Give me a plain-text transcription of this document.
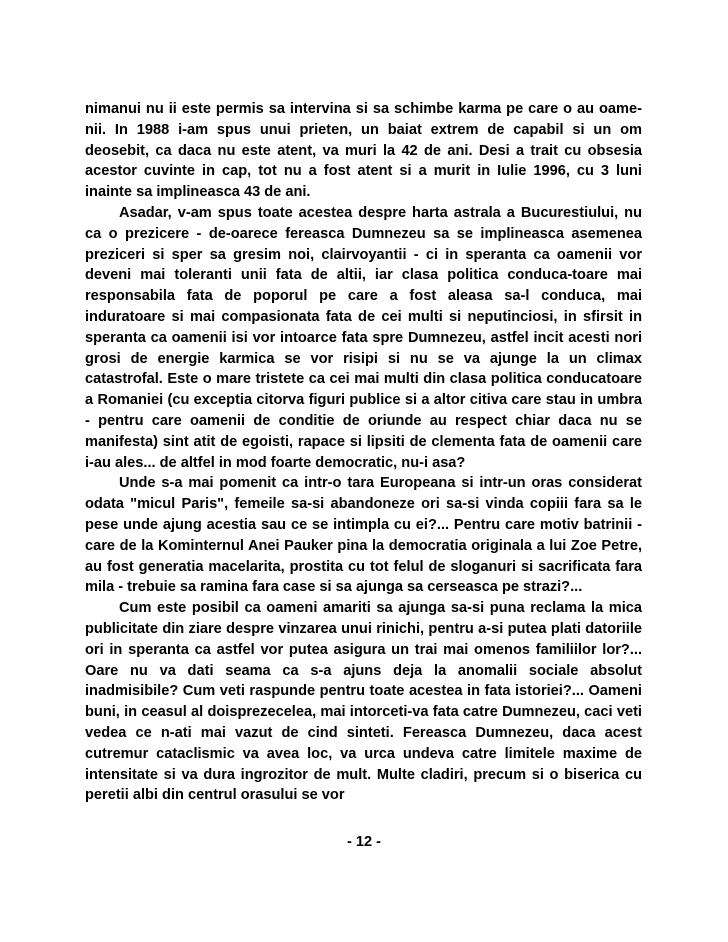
nimanui nu ii este permis sa intervina si sa schimbe karma pe care o au oame-nii. In 1988 i-am spus unui prieten, un baiat extrem de capabil si un om deosebit, ca daca nu este atent, va muri la 42 de ani. Desi a trait cu obsesia acestor cuvinte in cap, tot nu a fost atent si a murit in Iulie 1996, cu 3 luni inainte sa implineasca 43 de ani.

Asadar, v-am spus toate acestea despre harta astrala a Bucurestiului, nu ca o prezicere - de-oarece fereasca Dumnezeu sa se implineasca asemenea preziceri si sper sa gresim noi, clairvoyantii - ci in speranta ca oamenii vor deveni mai toleranti unii fata de altii, iar clasa politica conduca-toare mai responsabila fata de poporul pe care a fost aleasa sa-l conduca, mai induratoare si mai compasionata fata de cei multi si neputinciosi, in sfirsit in speranta ca oamenii isi vor intoarce fata spre Dumnezeu, astfel incit acesti nori grosi de energie karmica se vor risipi si nu se va ajunge la un climax catastrofal. Este o mare tristete ca cei mai multi din clasa politica conducatoare a Romaniei (cu exceptia citorva figuri publice si a altor citiva care stau in umbra - pentru care oamenii de conditie de oriunde au respect chiar daca nu se manifesta) sint atit de egoisti, rapace si lipsiti de clementa fata de oamenii care i-au ales... de altfel in mod foarte democratic, nu-i asa?

Unde s-a mai pomenit ca intr-o tara Europeana si intr-un oras considerat odata "micul Paris", femeile sa-si abandoneze ori sa-si vinda copiii fara sa le pese unde ajung acestia sau ce se intimpla cu ei?... Pentru care motiv batrinii - care de la Kominternul Anei Pauker pina la democratia originala a lui Zoe Petre, au fost generatia macelarita, prostita cu tot felul de sloganuri si sacrificata fara mila - trebuie sa ramina fara case si sa ajunga sa cerseasca pe strazi?...

Cum este posibil ca oameni amariti sa ajunga sa-si puna reclama la mica publicitate din ziare despre vinzarea unui rinichi, pentru a-si putea plati datoriile ori in speranta ca astfel vor putea asigura un trai mai omenos familiilor lor?... Oare nu va dati seama ca s-a ajuns deja la anomalii sociale absolut inadmisibile? Cum veti raspunde pentru toate acestea in fata istoriei?... Oameni buni, in ceasul al doisprezecelea, mai intorceti-va fata catre Dumnezeu, caci veti vedea ce n-ati mai vazut de cind sinteti. Fereasca Dumnezeu, daca acest cutremur cataclismic va avea loc, va urca undeva catre limitele maxime de intensitate si va dura ingrozitor de mult. Multe cladiri, precum si o biserica cu peretii albi din centrul orasului se vor

- 12 -
